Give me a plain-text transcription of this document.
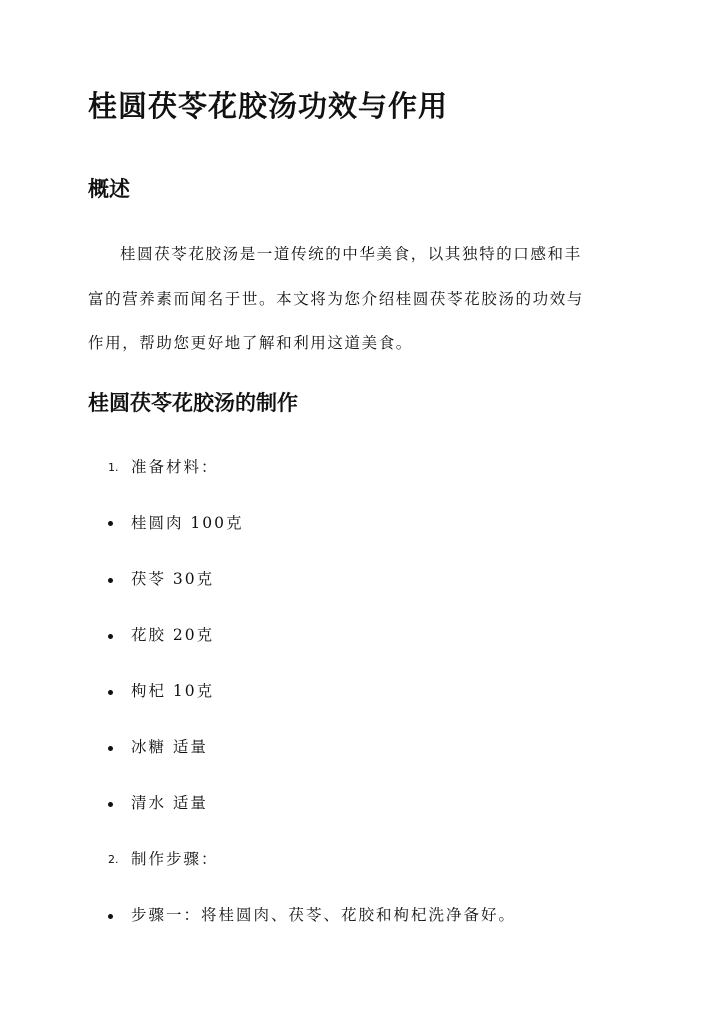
桂圆茯苓花胶汤功效与作用
概述
桂圆茯苓花胶汤是一道传统的中华美食，以其独特的口感和丰
富的营养素而闻名于世。本文将为您介绍桂圆茯苓花胶汤的功效与
作用，帮助您更好地了解和利用这道美食。
桂圆茯苓花胶汤的制作
1. 准备材料：
桂圆肉 100克
茯苓 30克
花胶 20克
枸杞 10克
冰糖 适量
清水 适量
2. 制作步骤：
步骤一：将桂圆肉、茯苓、花胶和枸杞洗净备好。
